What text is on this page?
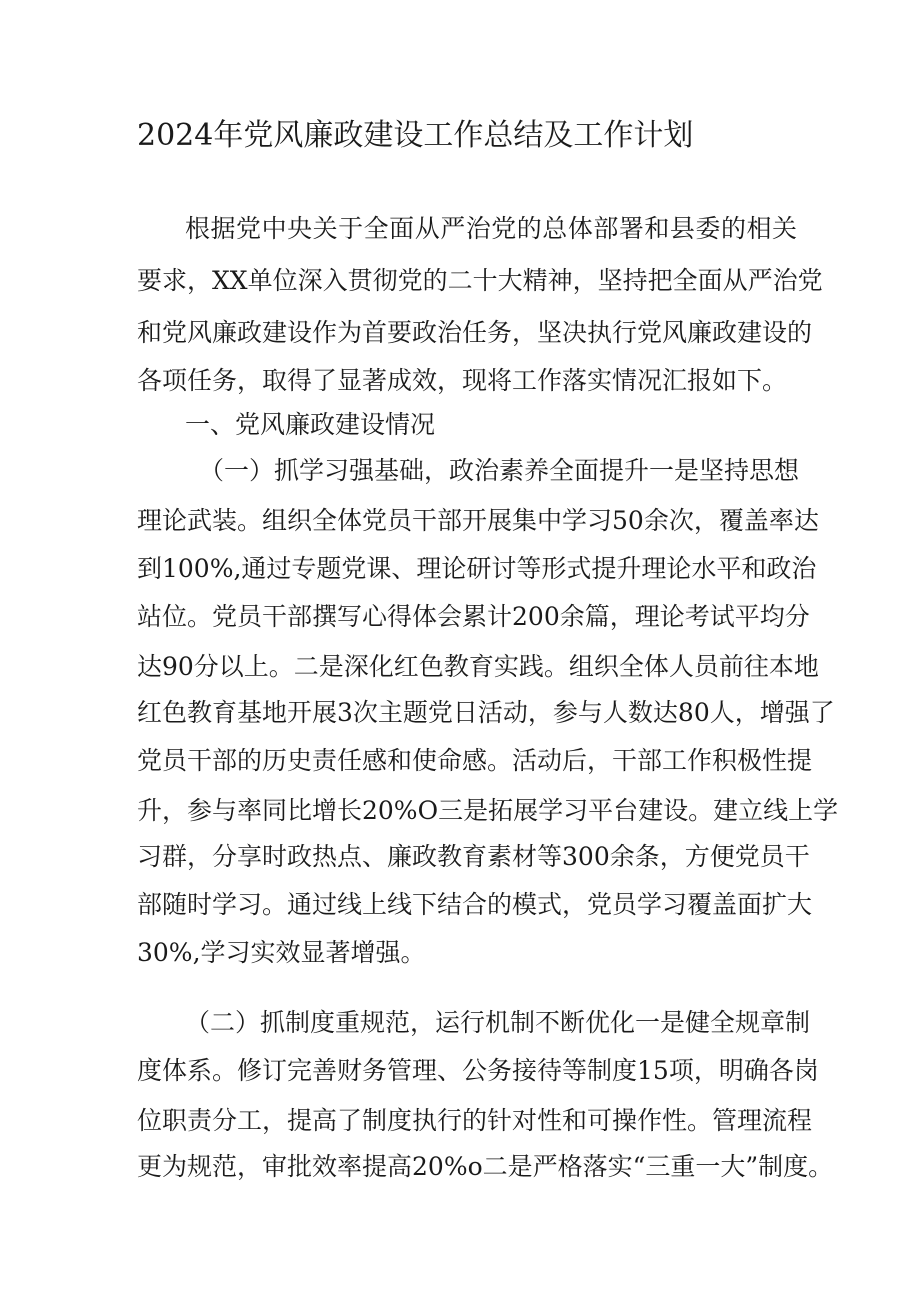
2024年党风廉政建设工作总结及工作计划
根据党中央关于全面从严治党的总体部署和县委的相关
要求，XX单位深入贯彻党的二十大精神，坚持把全面从严治党
和党风廉政建设作为首要政治任务，坚决执行党风廉政建设的
各项任务，取得了显著成效，现将工作落实情况汇报如下。
一、党风廉政建设情况
（一）抓学习强基础，政治素养全面提升一是坚持思想
理论武装。组织全体党员干部开展集中学习50余次，覆盖率达
到100%,通过专题党课、理论研讨等形式提升理论水平和政治
站位。党员干部撰写心得体会累计200余篇，理论考试平均分
达90分以上。二是深化红色教育实践。组织全体人员前往本地
红色教育基地开展3次主题党日活动，参与人数达80人，增强了
党员干部的历史责任感和使命感。活动后，干部工作积极性提
升，参与率同比增长20%O三是拓展学习平台建设。建立线上学
习群，分享时政热点、廉政教育素材等300余条，方便党员干
部随时学习。通过线上线下结合的模式，党员学习覆盖面扩大
30%,学习实效显著增强。
（二）抓制度重规范，运行机制不断优化一是健全规章制
度体系。修订完善财务管理、公务接待等制度15项，明确各岗
位职责分工，提高了制度执行的针对性和可操作性。管理流程
更为规范，审批效率提高20%o二是严格落实“三重一大”制度。
